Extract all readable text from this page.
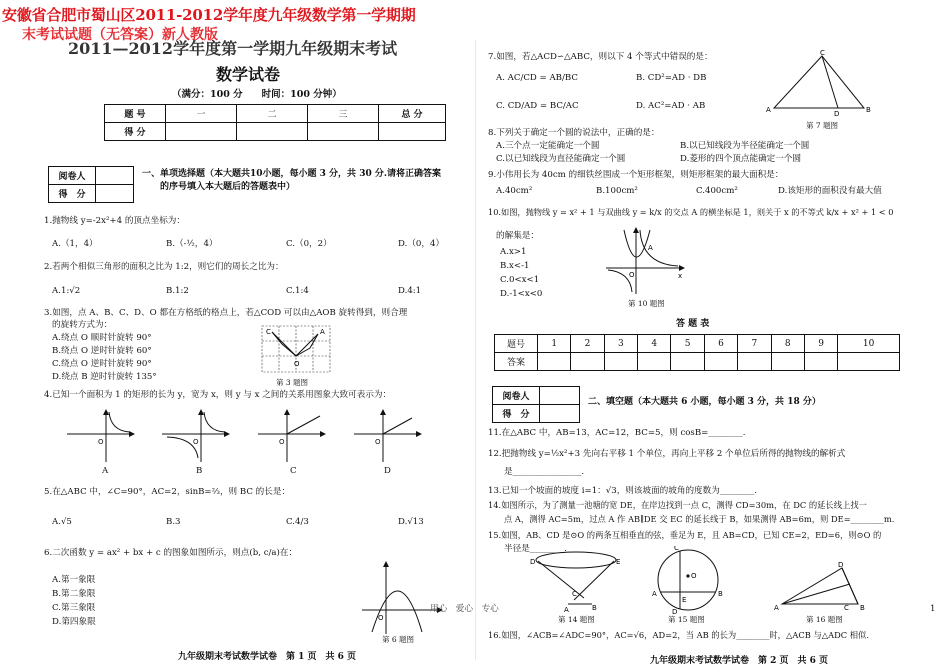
安徽省合肥市蜀山区2011-2012学年度九年级数学第一学期期
末考试试题（无答案）新人教版
2011—2012学年度第一学期九年级期末考试
数学试卷
（满分：100 分　　时间：100 分钟）
题 号	一	二	三	总 分
得 分				
阅卷人	
得　分	
一、单项选择题（本大题共10小题，每小题 3 分，共 30 分.请将正确答案
的序号填入本大题后的答题表中）
1.抛物线 y=-2x²+4 的顶点坐标为：
A.（1，4）	B.（-½，4）	C.（0，2）	D.（0，4）
2.若两个相似三角形的面积之比为 1:2，则它们的周长之比为：
A.1:√2	B.1:2	C.1:4	D.4:1
3.如图，点 A、B、C、D、O 都在方格纸的格点上，若△COD 可以由△AOB 旋转得到，则合理
的旋转方式为：
A.绕点 O 顺时针旋转 90°
B.绕点 O 逆时针旋转 60°
C.绕点 O 逆时针旋转 90°
D.绕点 B 逆时针旋转 135°
C
O
A
第 3 题图
4.已知一个面积为 1 的矩形的长为 y，宽为 x，则 y 与 x 之间的关系用图象大致可表示为：
O	O	O	O
A	B	C	D
5.在△ABC 中，∠C=90°，AC=2，sinB=⅔，则 BC 的长是：
A.√5	B.3	C.4/3	D.√13
6.二次函数 y = ax² + bx + c 的图象如图所示，则点(b, c/a)在：
A.第一象限
B.第二象限
C.第三象限
D.第四象限	O
第 6 题图
九年级期末考试数学试卷　第 1 页　共 6 页
7.如图，若△ACD∽△ABC，则以下 4 个等式中错误的是：
A. AC/CD = AB/BC	B. CD²=AD · DB
C. CD/AD = BC/AC	D. AC²=AD · AB
C
A	D	B
第 7 题图
8.下列关于确定一个圆的说法中，正确的是：
A.三个点一定能确定一个圆	B.以已知线段为半径能确定一个圆
C.以已知线段为直径能确定一个圆	D.菱形的四个顶点能确定一个圆
9.小伟用长为 40cm 的细铁丝围成一个矩形框架，则矩形框架的最大面积是：
A.40cm²	B.100cm²	C.400cm²	D.该矩形的面积没有最大值
10.如图，抛物线 y = x² + 1 与双曲线 y = k/x 的交点 A 的横坐标是 1，则关于 x 的不等式 k/x + x² + 1 < 0
的解集是：
A.x>1
B.x<-1
C.0<x<1
D.-1<x<0
O
A
x
第 10 题图
答 题 表
题号	1	2	3	4	5	6	7	8	9	10
答案										
阅卷人	
得　分	
二、填空题（本大题共 6 小题，每小题 3 分，共 18 分）
11.在△ABC 中，AB=13，AC=12，BC=5，则 cosB=________.
12.把抛物线 y=½x²+3 先向右平移 1 个单位，再向上平移 2 个单位后所得的抛物线的解析式
是________________.
13.已知一个坡面的坡度 i=1：√3，则该坡面的坡角的度数为________.
14.如图所示，为了测量一池塘的宽 DE，在岸边找到一点 C，测得 CD=30m，在 DC 的延长线上找一
点 A，测得 AC=5m，过点 A 作 AB∥DE 交 EC 的延长线于 B，如果测得 AB=6m，则 DE=________m.
15.如图，AB、CD 是⊙O 的两条互相垂直的弦，垂足为 E，且 AB=CD，已知 CE=2，ED=6，则⊙O 的
半径是________.
D	E
C
A	B
第 14 题图
O
A	B
C
D
E
第 15 题图
A
D
B
C
第 16 题图
用心　爱心　专心	1
16.如图，∠ACB=∠ADC=90°，AC=√6，AD=2，当 AB 的长为________时，△ACB 与△ADC 相似.
九年级期末考试数学试卷　第 2 页　共 6 页
